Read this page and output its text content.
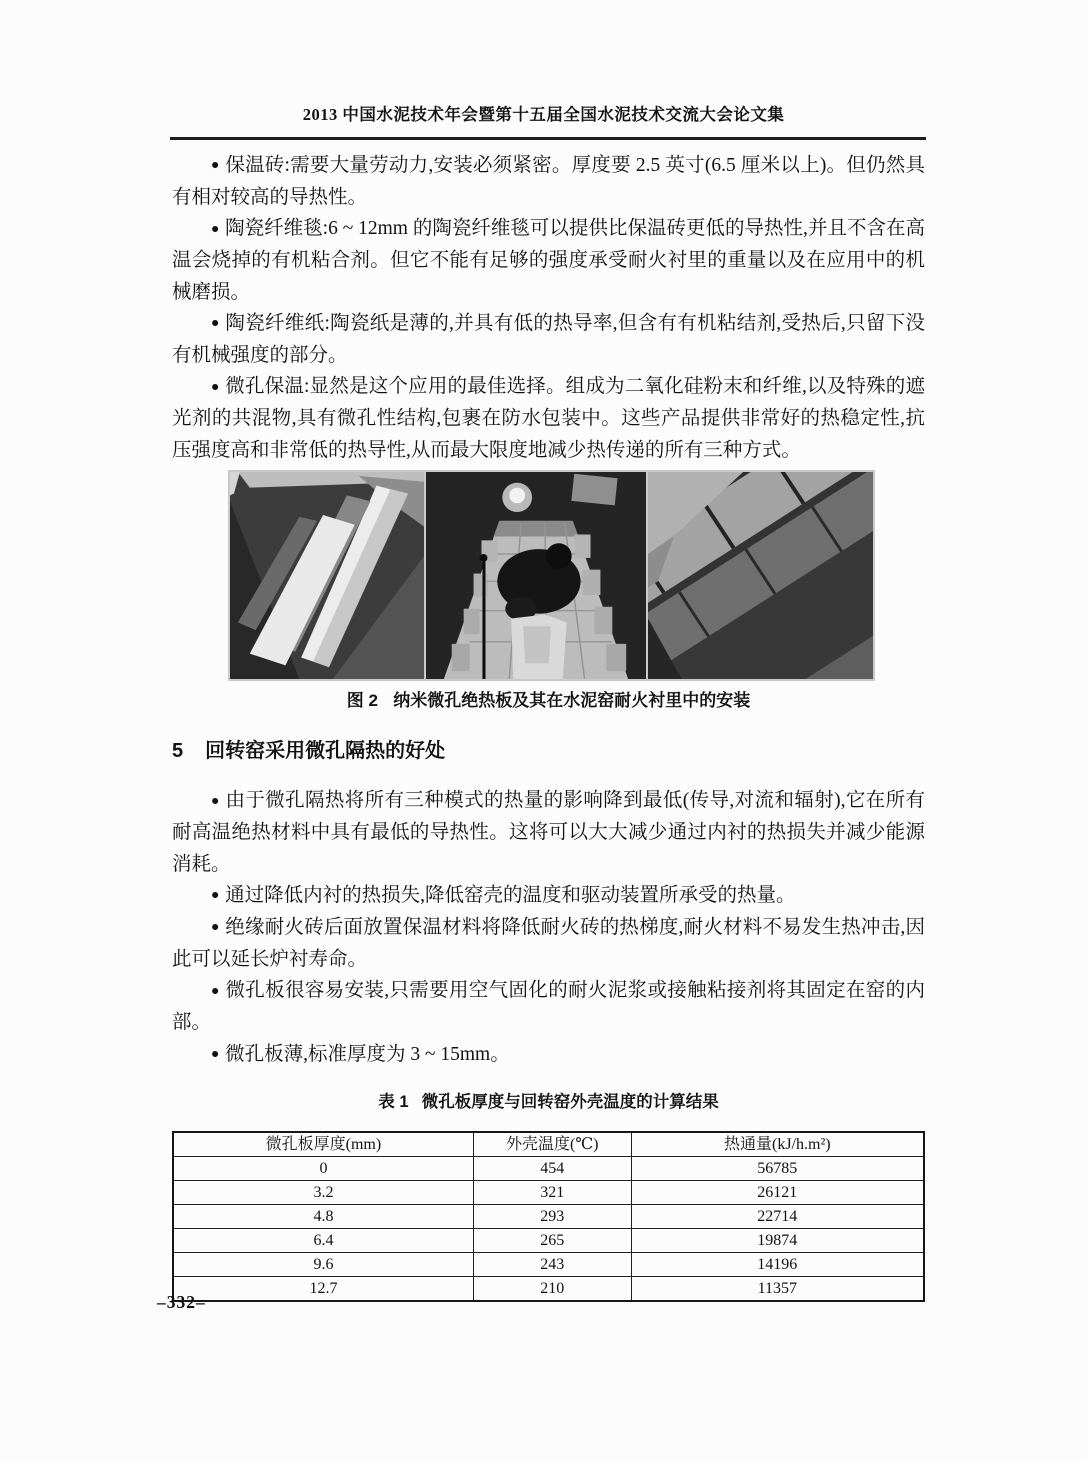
2013 中国水泥技术年会暨第十五届全国水泥技术交流大会论文集

● 保温砖:需要大量劳动力,安装必须紧密。厚度要 2.5 英寸(6.5 厘米以上)。但仍然具有相对较高的导热性。

● 陶瓷纤维毯:6 ~ 12mm 的陶瓷纤维毯可以提供比保温砖更低的导热性,并且不含在高温会烧掉的有机粘合剂。但它不能有足够的强度承受耐火衬里的重量以及在应用中的机械磨损。

● 陶瓷纤维纸:陶瓷纸是薄的,并具有低的热导率,但含有有机粘结剂,受热后,只留下没有机械强度的部分。

● 微孔保温:显然是这个应用的最佳选择。组成为二氧化硅粉末和纤维,以及特殊的遮光剂的共混物,具有微孔性结构,包裹在防水包装中。这些产品提供非常好的热稳定性,抗压强度高和非常低的热导性,从而最大限度地减少热传递的所有三种方式。

图 2 纳米微孔绝热板及其在水泥窑耐火衬里中的安装

5 回转窑采用微孔隔热的好处

● 由于微孔隔热将所有三种模式的热量的影响降到最低(传导,对流和辐射),它在所有耐高温绝热材料中具有最低的导热性。这将可以大大减少通过内衬的热损失并减少能源消耗。

● 通过降低内衬的热损失,降低窑壳的温度和驱动装置所承受的热量。

● 绝缘耐火砖后面放置保温材料将降低耐火砖的热梯度,耐火材料不易发生热冲击,因此可以延长炉衬寿命。

● 微孔板很容易安装,只需要用空气固化的耐火泥浆或接触粘接剂将其固定在窑的内部。

● 微孔板薄,标准厚度为 3 ~ 15mm。

表 1 微孔板厚度与回转窑外壳温度的计算结果

微孔板厚度(mm)	外壳温度(℃)	热通量(kJ/h.m²)
0	454	56785
3.2	321	26121
4.8	293	22714
6.4	265	19874
9.6	243	14196
12.7	210	11357
–332–
